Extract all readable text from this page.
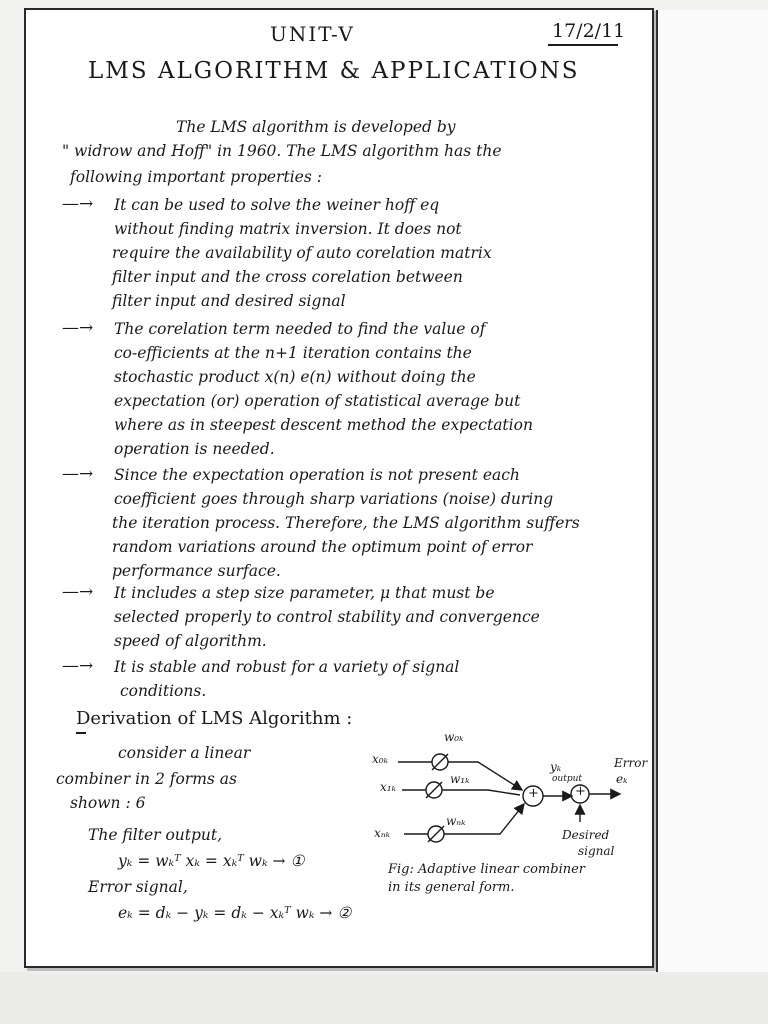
UNIT-V	17/2/11
LMS ALGORITHM & APPLICATIONS
The LMS algorithm is developed by
" widrow and Hoff" in 1960. The LMS algorithm has the
following important properties :
—→ It can be used to solve the weiner hoff eq
without finding matrix inversion. It does not
require the availability of auto corelation matrix
filter input and the cross corelation between
filter input and desired signal
—→ The corelation term needed to find the value of
co-efficients at the n+1 iteration contains the
stochastic product x(n) e(n) without doing the
expectation (or) operation of statistical average but
where as in steepest descent method the expectation
operation is needed.
—→ Since the expectation operation is not present each
coefficient goes through sharp variations (noise) during
the iteration process. Therefore, the LMS algorithm suffers
random variations around the optimum point of error
performance surface.
—→ It includes a step size parameter, μ that must be
selected properly to control stability and convergence
speed of algorithm.
—→ It is stable and robust for a variety of signal
conditions.
Derivation of LMS Algorithm :
consider a linear
combiner in 2 forms as
shown : 6
The filter output,
yₖ = wₖᵀ xₖ = xₖᵀ wₖ → ①
Error signal,
eₖ = dₖ − yₖ = dₖ − xₖᵀ wₖ → ②
x₀ₖ
x₁ₖ
xₙₖ
w₀ₖ
w₁ₖ
wₙₖ
+	+
yₖ
output
Error
eₖ
Desired
signal
Fig: Adaptive linear combiner
in its general form.
